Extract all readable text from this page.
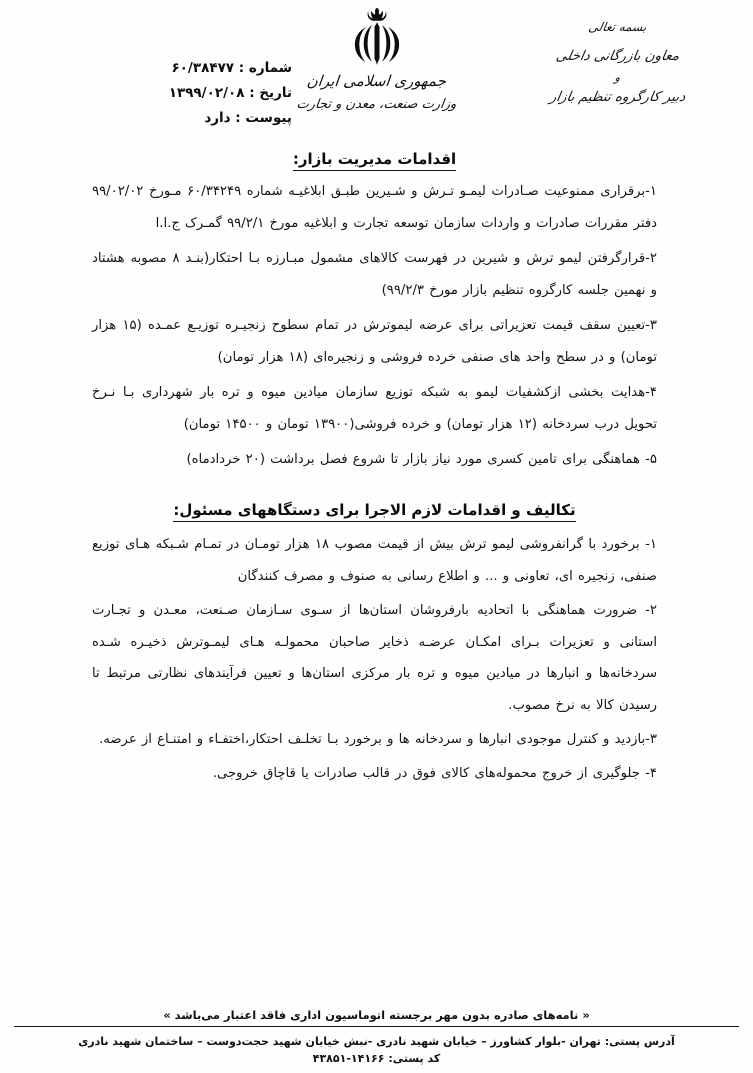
جمهوری اسلامی ایران
وزارت صنعت، معدن و تجارت
شماره : ۶۰/۳۸۴۷۷
تاریخ : ۱۳۹۹/۰۲/۰۸
پیوست : دارد
بسمه تعالی
معاون بازرگانی داخلی
و
دبیر کارگروه تنظیم بازار
اقدامات مدیریت بازار:

۱-برقراری ممنوعیت صـادرات لیمـو تـرش و شـیرین طبـق ابلاغیـه شماره ۶۰/۳۴۲۴۹ مـورخ ۹۹/۰۲/۰۲ دفتر مقررات صادرات و واردات سازمان توسعه تجارت و ابلاغیه مورخ ۹۹/۲/۱ گمـرک ج.ا.ا

۲-قرارگرفتن لیمو ترش و شیرین در فهرست کالاهای مشمول مبـارزه بـا احتکار(بنـد ۸ مصوبه هشتاد و نهمین جلسه کارگروه تنظیم بازار مورخ ۹۹/۲/۳)

۳-تعیین سقف قیمت تعزیراتی برای عرضه لیموترش در تمام سطوح زنجیـره توزیـع عمـده (۱۵ هزار تومان) و در سطح واحد های صنفی خرده فروشی و زنجیره‌ای (۱۸ هزار تومان)

۴-هدایت بخشی ازکشفیات لیمو به شبکه توزیع سازمان میادین میوه و تره بار شهرداری بـا نـرخ تحویل درب سردخانه (۱۲ هزار تومان) و خرده فروشی(۱۳۹۰۰ تومان و ۱۴۵۰۰ تومان)

۵- هماهنگی برای تامین کسری مورد نیاز بازار تا شروع فصل برداشت (۲۰ خردادماه)

تکالیف و اقدامات لازم الاجرا برای دستگاههای مسئول:

۱- برخورد با گرانفروشی لیمو ترش بیش از قیمت مصوب ۱۸ هزار تومـان در تمـام شـبکه هـای توزیع صنفی، زنجیره ای، تعاونی و ... و اطلاع رسانی به صنوف و مصرف کنندگان

۲- ضرورت هماهنگی با اتحادیه بارفروشان استان‌ها از سـوی سـازمان صـنعت، معـدن و تجـارت استانی و تعزیرات بـرای امکـان عرضـه ذخایر صاحبان محمولـه هـای لیمـوترش ذخیـره شـده سردخانه‌ها و انبارها در میادین میوه و تره بار مرکزی استان‌ها و تعیین فرآیندهای نظارتی مرتبط تا رسیدن کالا به نرخ مصوب.

۳-بازدید و کنترل موجودی انبارها و سردخانه ها و برخورد بـا تخلـف احتکار،اختفـاء و امتنـاع از عرضه.

۴- جلوگیری از خروج محموله‌های کالای فوق در قالب صادرات یا قاچاق خروجی.

« نامه‌های صادره بدون مهر برجسته اتوماسیون اداری فاقد اعتبار می‌باشد »
آدرس پستی: تهران -بلوار کشاورز – خیابان شهید نادری -نبش خیابان شهید حجت‌دوست – ساختمان شهید نادری
کد پستی: ۱۴۱۶۶-۴۳۸۵۱
